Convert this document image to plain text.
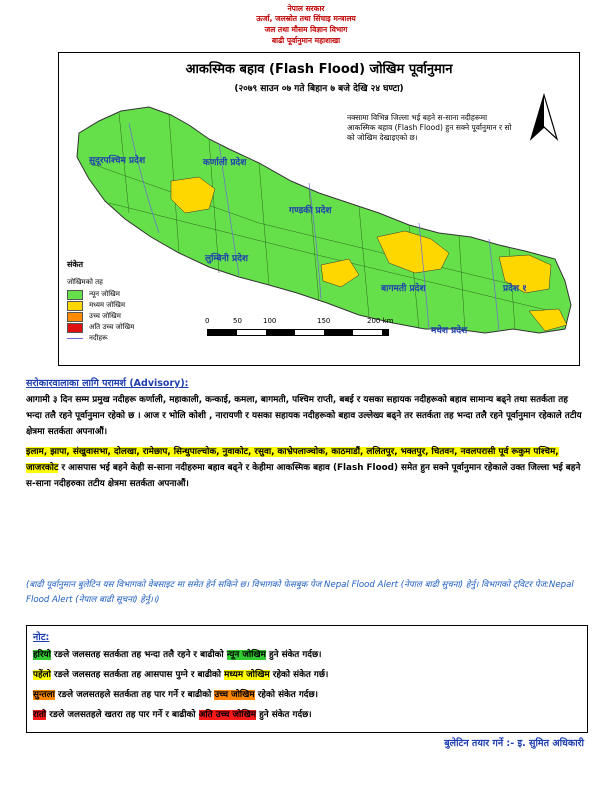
नेपाल सरकार
ऊर्जा, जलस्रोत तथा सिंचाइ मन्त्रालय
जल तथा मौसम विज्ञान विभाग
बाढी पूर्वानुमान महाशाखा
आकस्मिक बहाव (Flash Flood) जोखिम पूर्वानुमान
(२०७९ साउन ०७ गते बिहान ७ बजे देखि २४ घण्टा)
सुदूरपश्चिम प्रदेश	कर्णाली प्रदेश
गण्डकी प्रदेश
लुम्बिनी प्रदेश
बागमती प्रदेश	प्रदेश १
मधेश प्रदेश
नक्सामा विभिन्न जिल्ला भई बहने स-साना नदीहरूमा आकस्मिक बहाव (Flash Flood) हुन सक्ने पूर्वानुमान र सो को जोखिम देखाइएको छ।
संकेत
जोखिमको तह
न्यून जोखिम
मध्यम जोखिम
उच्च जोखिम
अति उच्च जोखिम
नदीहरू
0	50	100	150	200 km
सरोकारवालाका लागि परामर्श (Advisory):
आगामी ३ दिन सम्म प्रमुख नदीहरू कर्णाली, महाकाली, कन्काई, कमला, बागमती, पश्चिम राप्ती, बबई र यसका सहायक नदीहरूको बहाव सामान्य बढ्ने तथा सतर्कता तह भन्दा तलै रहने पूर्वानुमान रहेको छ । आज र भोलि कोशी , नारायणी र यसका सहायक नदीहरूको बहाव उल्लेख्य बढ्ने तर सतर्कता तह भन्दा तलै रहने पूर्वानुमान रहेकाले तटीय क्षेत्रमा सतर्कता अपनाऔं।
इलाम, झापा, संखुवासभा, दोलखा, रामेछाप, सिन्धुपाल्चोक, नुवाकोट, रसुवा, काभ्रेपलाञ्चोक, काठमाडौं, ललितपुर, भक्तपुर, चितवन, नवलपरासी पूर्व रूकुम पश्चिम, जाजरकोट र आसपास भई बहने केही स-साना नदीहरुमा बहाव बढ्ने र केहीमा आकस्मिक बहाव (Flash Flood) समेत हुन सक्ने पूर्वानुमान रहेकाले उक्त जिल्ला भई बहने स-साना नदीहरुका तटीय क्षेत्रमा सतर्कता अपनाऔं।
(बाढी पूर्वानुमान बुलेटिन यस विभागको वेबसाइट मा समेत हेर्न सकिने छ। विभागको फेसबुक पेज Nepal Flood Alert (नेपाल बाढी सुचना) हेर्नु। विभागको ट्विटर पेज:Nepal Flood Alert (नेपाल बाढी सूचना) हेर्नु।।)
नोट:
हरियो रङले जलसतह सतर्कता तह भन्दा तलै रहने र बाढीको न्यून जोखिम हुने संकेत गर्दछ।
पहेंलो रङले जलसतह सतर्कता तह आसपास पुग्ने र बाढीको मध्यम जोखिम रहेको संकेत गर्छ।
सुन्तला रङले जलसतहले सतर्कता तह पार गर्ने र बाढीको उच्च जोखिम रहेको संकेत गर्दछ।
रातो रङले जलसतहले खतरा तह पार गर्ने र बाढीको अति उच्च जोखिम हुने संकेत गर्दछ।
बुलेटिन तयार गर्ने :- इ. सुमित अधिकारी
